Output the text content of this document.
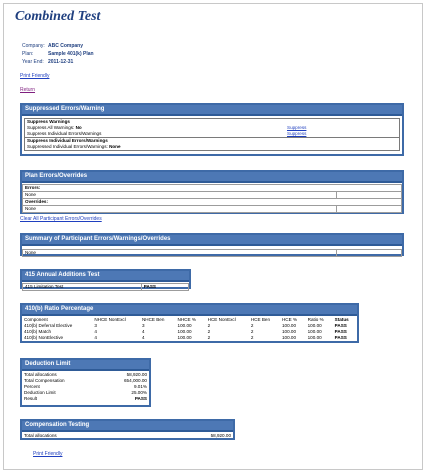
Combined Test
Company: ABC Company
Plan:	Sample 401(k) Plan
Year End: 2011-12-31
Print Friendly
Return
Suppressed Errors/Warning
Suppress Warnings	
Suppress All Warnings: No	Suppress
Suppress Individual Errors/Warnings	Suppress
Suppress Individual Errors/Warnings
Suppressed Individual Errors/Warnings: None
Plan Errors/Overrides
Errors:	
None	
Overrides:	
None	
Clear All Participant Errors/Overrides
Summary of Participant Errors/Warnings/Overrides
None	
415 Annual Additions Test
415 Limitation Test	PASS
410(b) Ratio Percentage
Component	NHCE NonExcl	NHCE Ben	NHCE %	HCE NonExcl	HCE Ben	HCE %	Ratio %	Status
410(b) Deferral Elective	3	3	100.00	2	2	100.00	100.00	PASS
410(b) Match	4	4	100.00	2	2	100.00	100.00	PASS
410(b) NonElective	4	4	100.00	2	2	100.00	100.00	PASS
Deduction Limit
Total allocations	58,920.00
Total Compensation	654,000.00
Percent	9.01%
Deduction Limit	25.00%
Result	PASS
Compensation Testing
Total allocations	58,920.00
Print Friendly
